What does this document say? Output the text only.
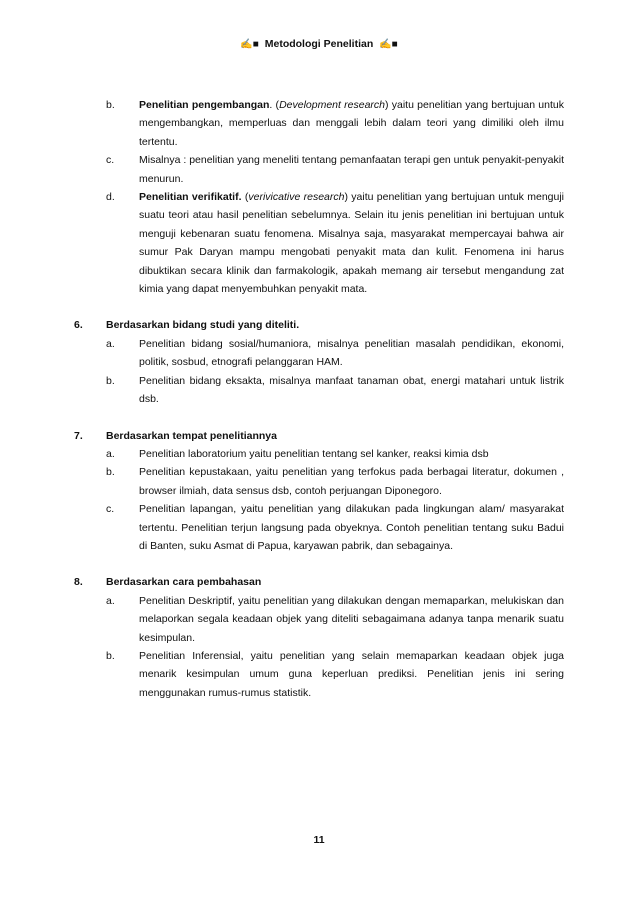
✍■ Metodologi Penelitian ✍■
b.	Penelitian pengembangan. (Development research) yaitu penelitian yang bertujuan untuk mengembangkan, memperluas dan menggali lebih dalam teori yang dimiliki oleh ilmu tertentu.
c.	Misalnya : penelitian yang meneliti tentang pemanfaatan terapi gen untuk penyakit-penyakit menurun.
d.	Penelitian verifikatif. (verivicative research) yaitu penelitian yang bertujuan untuk menguji suatu teori atau hasil penelitian sebelumnya. Selain itu jenis penelitian ini bertujuan untuk menguji kebenaran suatu fenomena. Misalnya saja, masyarakat mempercayai bahwa air sumur Pak Daryan mampu mengobati penyakit mata dan kulit. Fenomena ini harus dibuktikan secara klinik dan farmakologik, apakah memang air tersebut mengandung zat kimia yang dapat menyembuhkan penyakit mata.
6.	Berdasarkan bidang studi yang diteliti.
a.	Penelitian bidang sosial/humaniora, misalnya penelitian masalah pendidikan, ekonomi, politik, sosbud, etnografi pelanggaran HAM.
b.	Penelitian bidang eksakta, misalnya manfaat tanaman obat, energi matahari untuk listrik dsb.
7.	Berdasarkan tempat penelitiannya
a.	Penelitian laboratorium yaitu penelitian tentang sel kanker, reaksi kimia dsb
b.	Penelitian kepustakaan, yaitu penelitian yang terfokus pada berbagai literatur, dokumen , browser ilmiah, data sensus dsb, contoh perjuangan Diponegoro.
c.	Penelitian lapangan, yaitu penelitian yang dilakukan pada lingkungan alam/ masyarakat tertentu. Penelitian terjun langsung pada obyeknya. Contoh penelitian tentang suku Badui di Banten, suku Asmat di Papua, karyawan pabrik, dan sebagainya.
8.	Berdasarkan cara pembahasan
a.	Penelitian Deskriptif, yaitu penelitian yang dilakukan dengan memaparkan, melukiskan dan melaporkan segala keadaan objek yang diteliti sebagaimana adanya tanpa menarik suatu kesimpulan.
b.	Penelitian Inferensial, yaitu penelitian yang selain memaparkan keadaan objek juga menarik kesimpulan umum guna keperluan prediksi. Penelitian jenis ini sering menggunakan rumus-rumus statistik.
11
